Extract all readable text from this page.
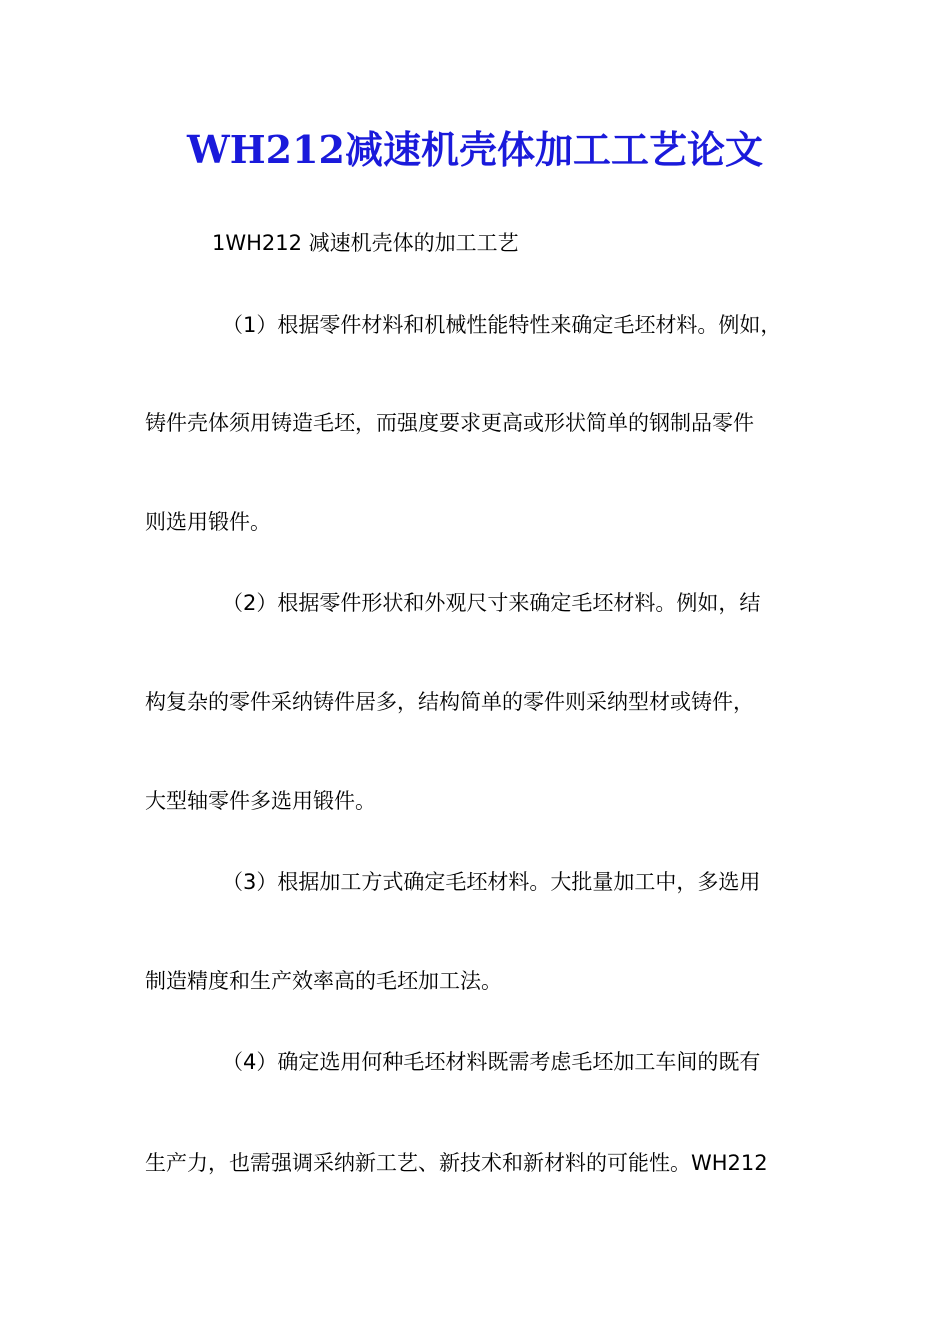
WH212减速机壳体加工工艺论文
1WH212 减速机壳体的加工工艺
（1）根据零件材料和机械性能特性来确定毛坯材料。例如，
铸件壳体须用铸造毛坯，而强度要求更高或形状简单的钢制品零件
则选用锻件。
（2）根据零件形状和外观尺寸来确定毛坯材料。例如，结
构复杂的零件采纳铸件居多，结构简单的零件则采纳型材或铸件，
大型轴零件多选用锻件。
（3）根据加工方式确定毛坯材料。大批量加工中，多选用
制造精度和生产效率高的毛坯加工法。
（4）确定选用何种毛坯材料既需考虑毛坯加工车间的既有
生产力，也需强调采纳新工艺、新技术和新材料的可能性。WH212
